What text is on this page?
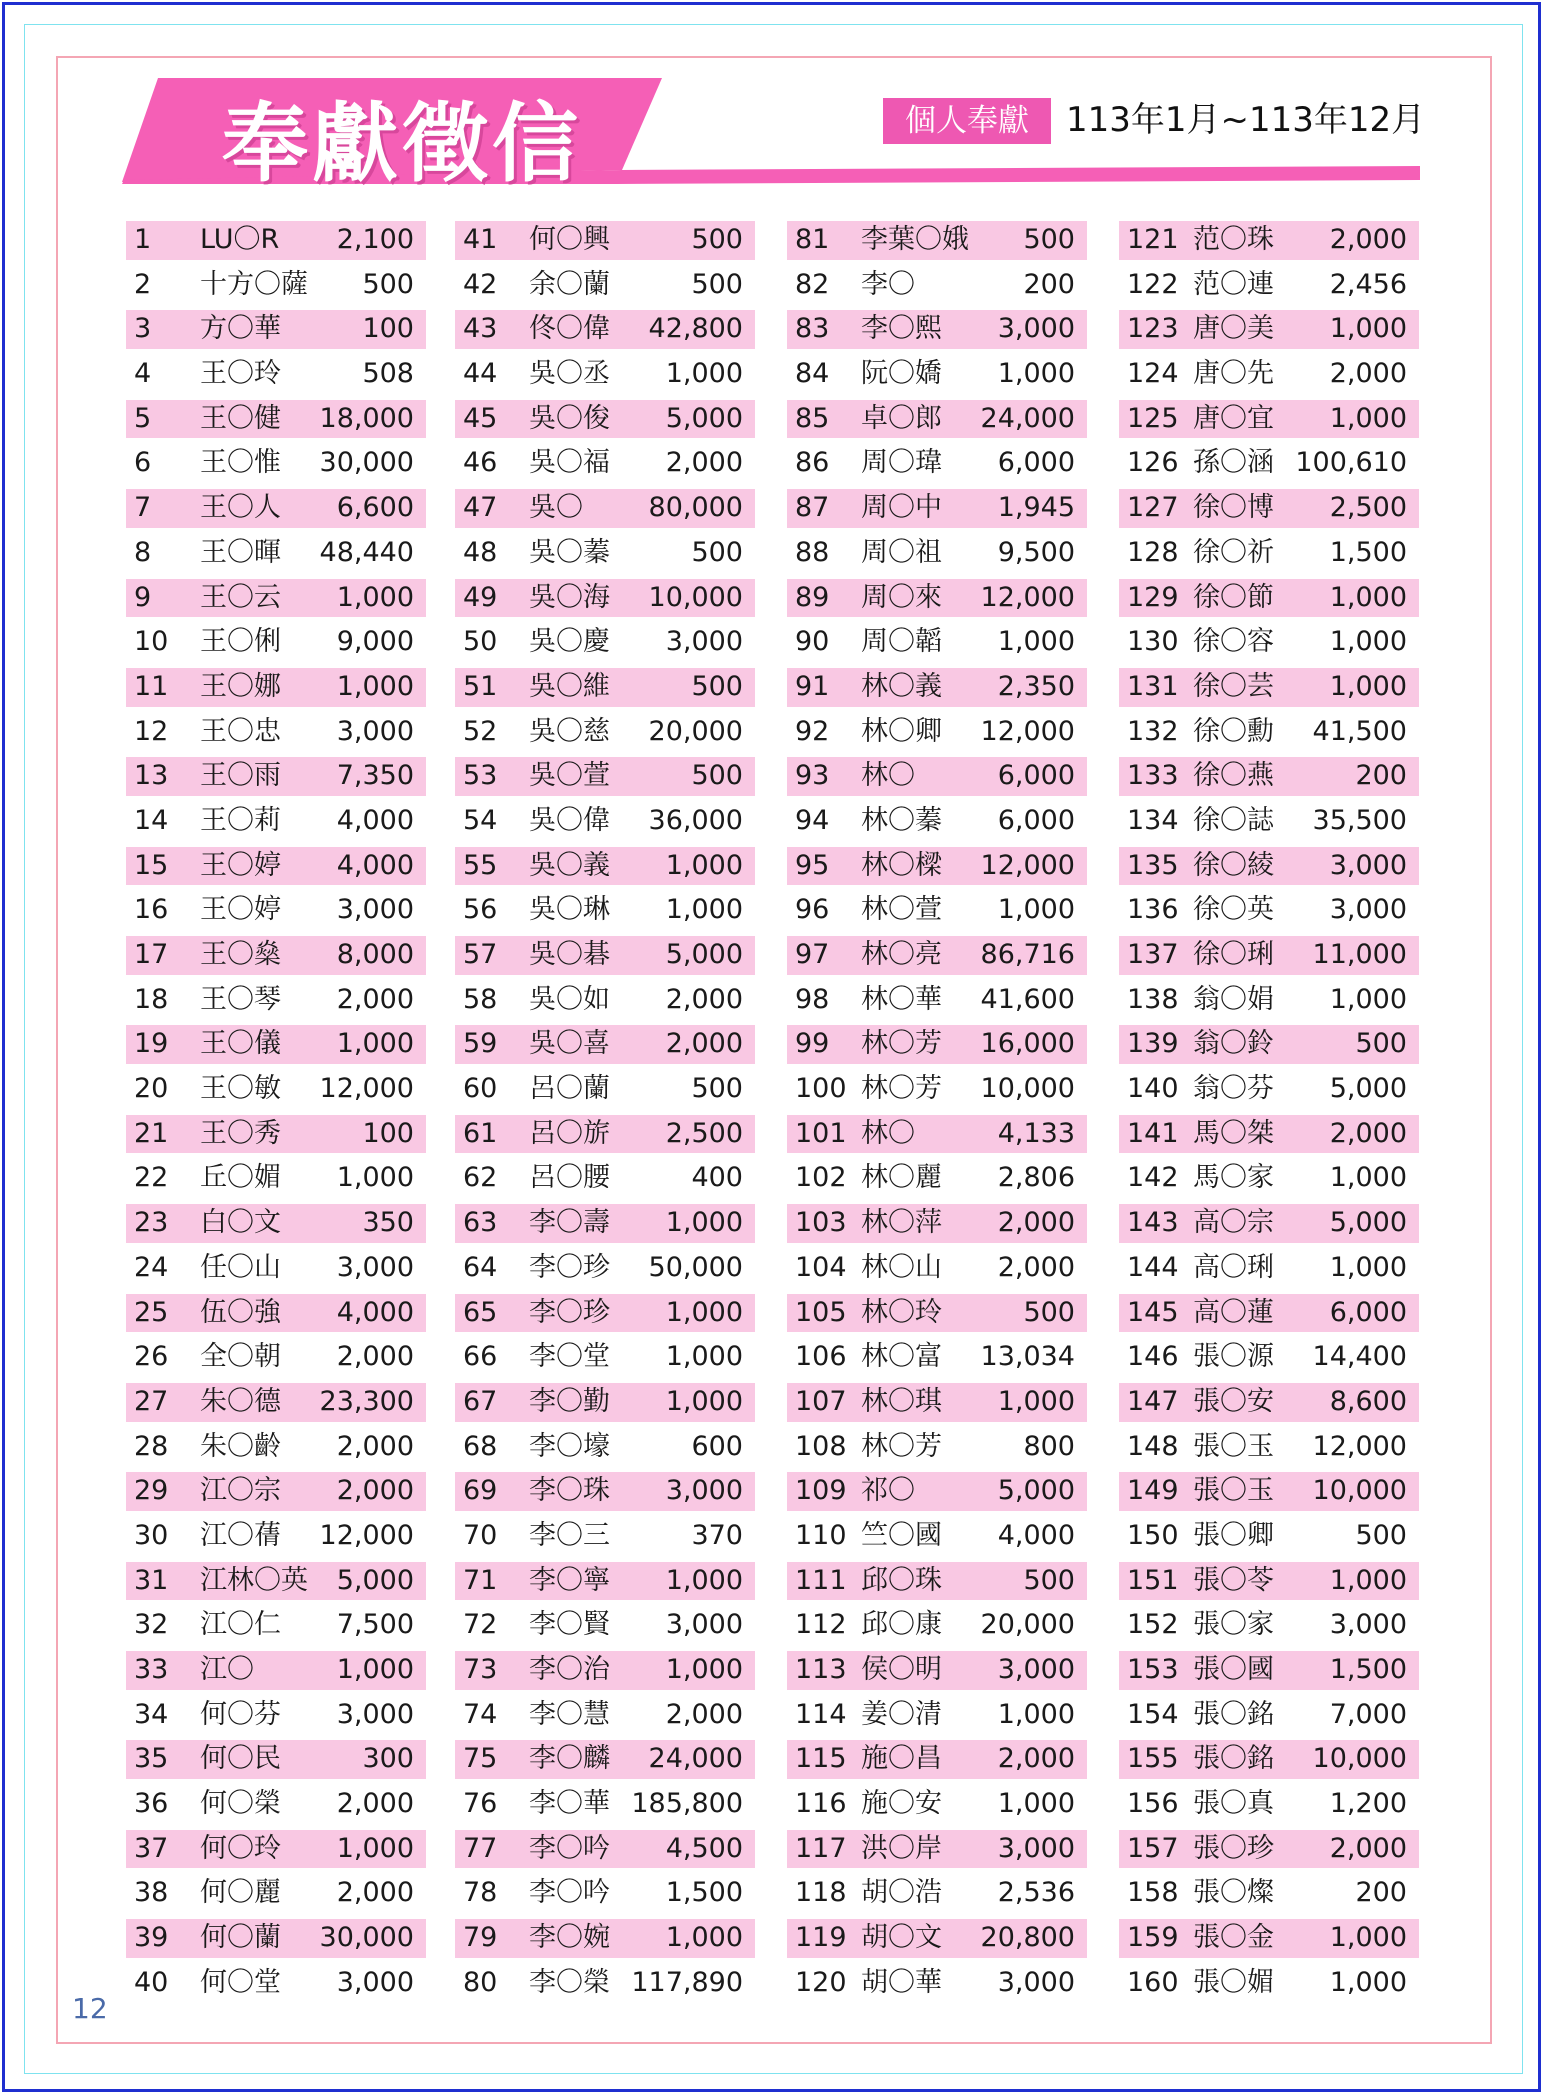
奉獻徵信	個人奉獻	113年1月~113年12月
1 LU〇R 2,100
2 十方〇薩 500
3 方〇華	100
4 王〇玲	508
5 王〇健 18,000
6 王〇惟 30,000
7 王〇人 6,600
8 王〇暉 48,440
9 王〇云 1,000
10 王〇俐 9,000
11 王〇娜 1,000
12 王〇忠 3,000
13 王〇雨 7,350
14 王〇莉 4,000
15 王〇婷 4,000
16 王〇婷 3,000
17 王〇燊 8,000
18 王〇琴 2,000
19 王〇儀 1,000
20 王〇敏 12,000
21 王〇秀	100
22 丘〇媚 1,000
23 白〇文	350
24 任〇山 3,000
25 伍〇強 4,000
26 全〇朝 2,000
27 朱〇德 23,300
28 朱〇齡 2,000
29 江〇宗 2,000
30 江〇蒨 12,000
31 江林〇英 5,000
32 江〇仁 7,500
33 江〇	1,000
34 何〇芬 3,000
35 何〇民	300
36 何〇榮 2,000
37 何〇玲 1,000
38 何〇麗 2,000
39 何〇蘭 30,000
40 何〇堂 3,000
41 何〇興	500
42 余〇蘭	500
43 佟〇偉 42,800
44 吳〇丞 1,000
45 吳〇俊 5,000
46 吳〇福 2,000
47 吳〇 80,000
48 吳〇蓁	500
49 吳〇海 10,000
50 吳〇慶 3,000
51 吳〇維	500
52 吳〇慈 20,000
53 吳〇萱	500
54 吳〇偉 36,000
55 吳〇義 1,000
56 吳〇琳 1,000
57 吳〇碁 5,000
58 吳〇如 2,000
59 吳〇喜 2,000
60 呂〇蘭	500
61 呂〇旂 2,500
62 呂〇腰	400
63 李〇壽 1,000
64 李〇珍 50,000
65 李〇珍 1,000
66 李〇堂 1,000
67 李〇勤 1,000
68 李〇壕	600
69 李〇珠 3,000
70 李〇三	370
71 李〇寧 1,000
72 李〇賢 3,000
73 李〇治 1,000
74 李〇慧 2,000
75 李〇麟 24,000
76 李〇華 185,800
77 李〇吟 4,500
78 李〇吟 1,500
79 李〇婉 1,000
80 李〇榮 117,890
81 李葉〇娥 500
82 李〇	200
83 李〇熙 3,000
84 阮〇嬌 1,000
85 卓〇郎 24,000
86 周〇瑋 6,000
87 周〇中 1,945
88 周〇祖 9,500
89 周〇來 12,000
90 周〇韜 1,000
91 林〇義 2,350
92 林〇卿 12,000
93 林〇	6,000
94 林〇蓁 6,000
95 林〇樑 12,000
96 林〇萱 1,000
97 林〇亮 86,716
98 林〇華 41,600
99 林〇芳 16,000
100 林〇芳 10,000
101 林〇	4,133
102 林〇麗 2,806
103 林〇萍 2,000
104 林〇山 2,000
105 林〇玲	500
106 林〇富 13,034
107 林〇琪 1,000
108 林〇芳	800
109 祁〇	5,000
110 竺〇國 4,000
111 邱〇珠	500
112 邱〇康 20,000
113 侯〇明 3,000
114 姜〇清 1,000
115 施〇昌 2,000
116 施〇安 1,000
117 洪〇岸 3,000
118 胡〇浩 2,536
119 胡〇文 20,800
120 胡〇華 3,000
121 范〇珠 2,000
122 范〇連 2,456
123 唐〇美 1,000
124 唐〇先 2,000
125 唐〇宜 1,000
126 孫〇涵 100,610
127 徐〇博 2,500
128 徐〇祈 1,500
129 徐〇節 1,000
130 徐〇容 1,000
131 徐〇芸 1,000
132 徐〇勳 41,500
133 徐〇燕	200
134 徐〇誌 35,500
135 徐〇綾 3,000
136 徐〇英 3,000
137 徐〇琍 11,000
138 翁〇娟 1,000
139 翁〇鈴	500
140 翁〇芬 5,000
141 馬〇桀 2,000
142 馬〇家 1,000
143 高〇宗 5,000
144 高〇琍 1,000
145 高〇蓮 6,000
146 張〇源 14,400
147 張〇安 8,600
148 張〇玉 12,000
149 張〇玉 10,000
150 張〇卿	500
151 張〇苓 1,000
152 張〇家 3,000
153 張〇國 1,500
154 張〇銘 7,000
155 張〇銘 10,000
156 張〇真 1,200
157 張〇珍 2,000
158 張〇燦	200
159 張〇金 1,000
160 張〇媚 1,000
12
